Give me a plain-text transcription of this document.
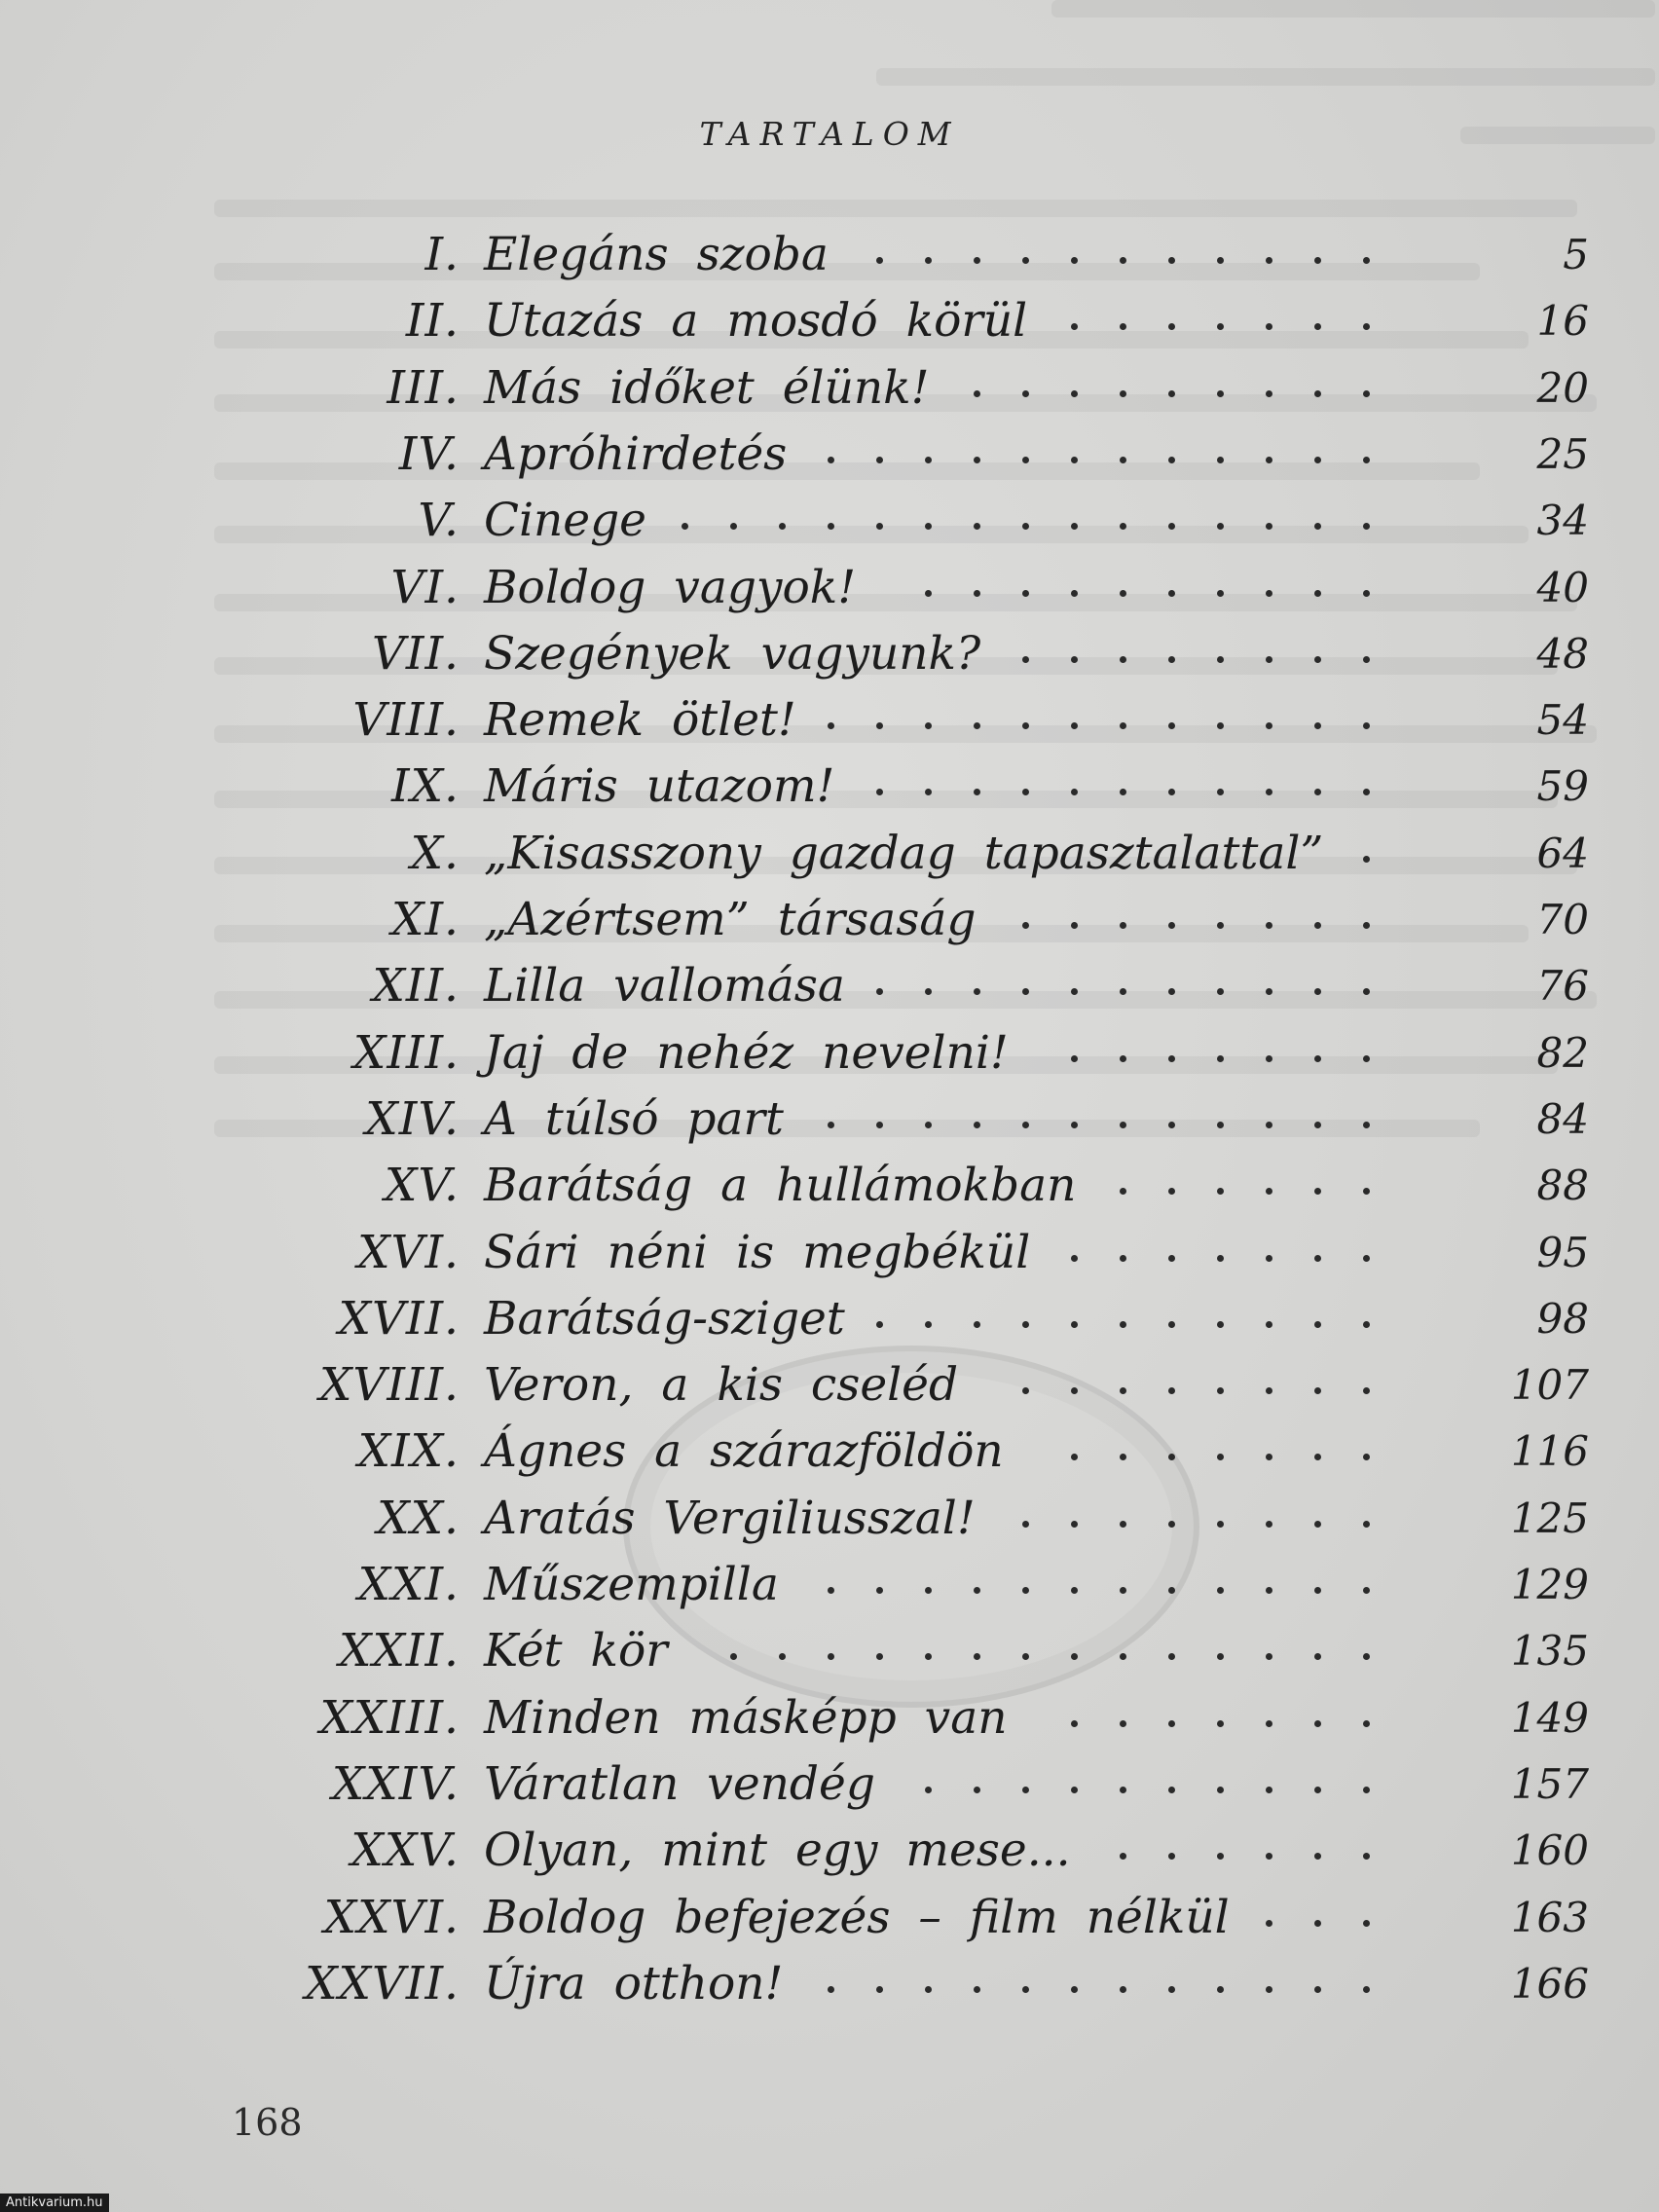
TARTALOM
I. Elegáns szoba	5
II. Utazás a mosdó körül	16
III. Más időket élünk!	20
IV. Apróhirdetés	25
V. Cinege	34
VI. Boldog vagyok!	40
VII. Szegények vagyunk?	48
VIII. Remek ötlet!	54
IX. Máris utazom!	59
X. „Kisasszony gazdag tapasztalattal”	64
XI. „Azértsem” társaság	70
XII. Lilla vallomása	76
XIII. Jaj de nehéz nevelni!	82
XIV. A túlsó part	84
XV. Barátság a hullámokban	88
XVI. Sári néni is megbékül	95
XVII. Barátság-sziget	98
XVIII. Veron, a kis cseléd	107
XIX. Ágnes a szárazföldön	116
XX. Aratás Vergiliusszal!	125
XXI. Műszempilla	129
XXII. Két kör	135
XXIII. Minden másképp van	149
XXIV. Váratlan vendég	157
XXV. Olyan, mint egy mese...	160
XXVI. Boldog befejezés – film nélkül	163
XXVII. Újra otthon!	166
168
Antikvarium.hu
